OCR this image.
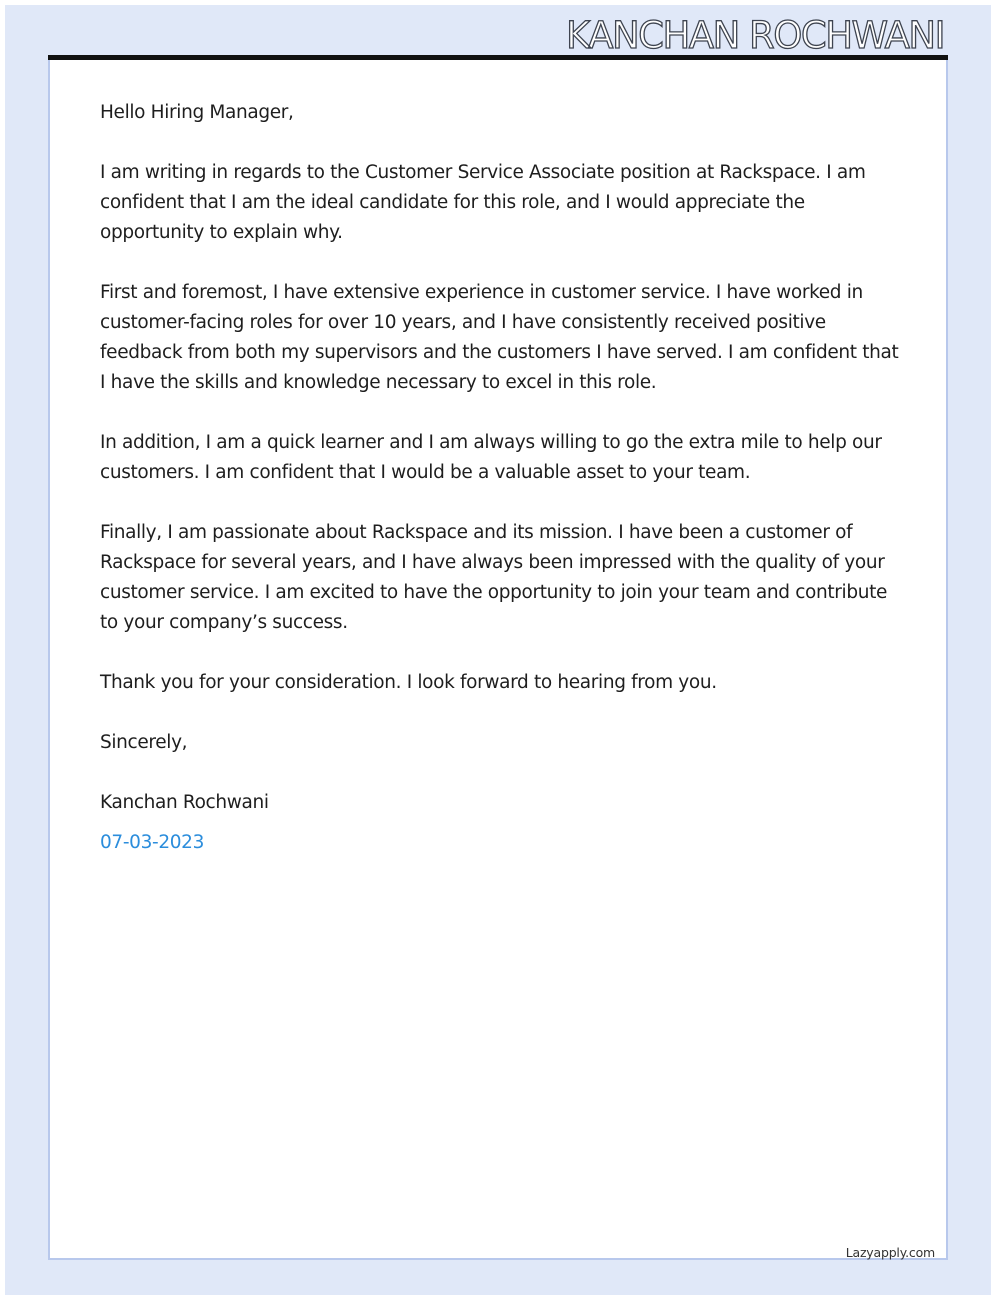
KANCHAN ROCHWANI

Hello Hiring Manager,

I am writing in regards to the Customer Service Associate position at Rackspace. I am confident that I am the ideal candidate for this role, and I would appreciate the opportunity to explain why.

First and foremost, I have extensive experience in customer service. I have worked in customer-facing roles for over 10 years, and I have consistently received positive feedback from both my supervisors and the customers I have served. I am confident that I have the skills and knowledge necessary to excel in this role.

In addition, I am a quick learner and I am always willing to go the extra mile to help our customers. I am confident that I would be a valuable asset to your team.

Finally, I am passionate about Rackspace and its mission. I have been a customer of Rackspace for several years, and I have always been impressed with the quality of your customer service. I am excited to have the opportunity to join your team and contribute to your company’s success.

Thank you for your consideration. I look forward to hearing from you.

Sincerely,

Kanchan Rochwani

07-03-2023

Lazyapply.com
